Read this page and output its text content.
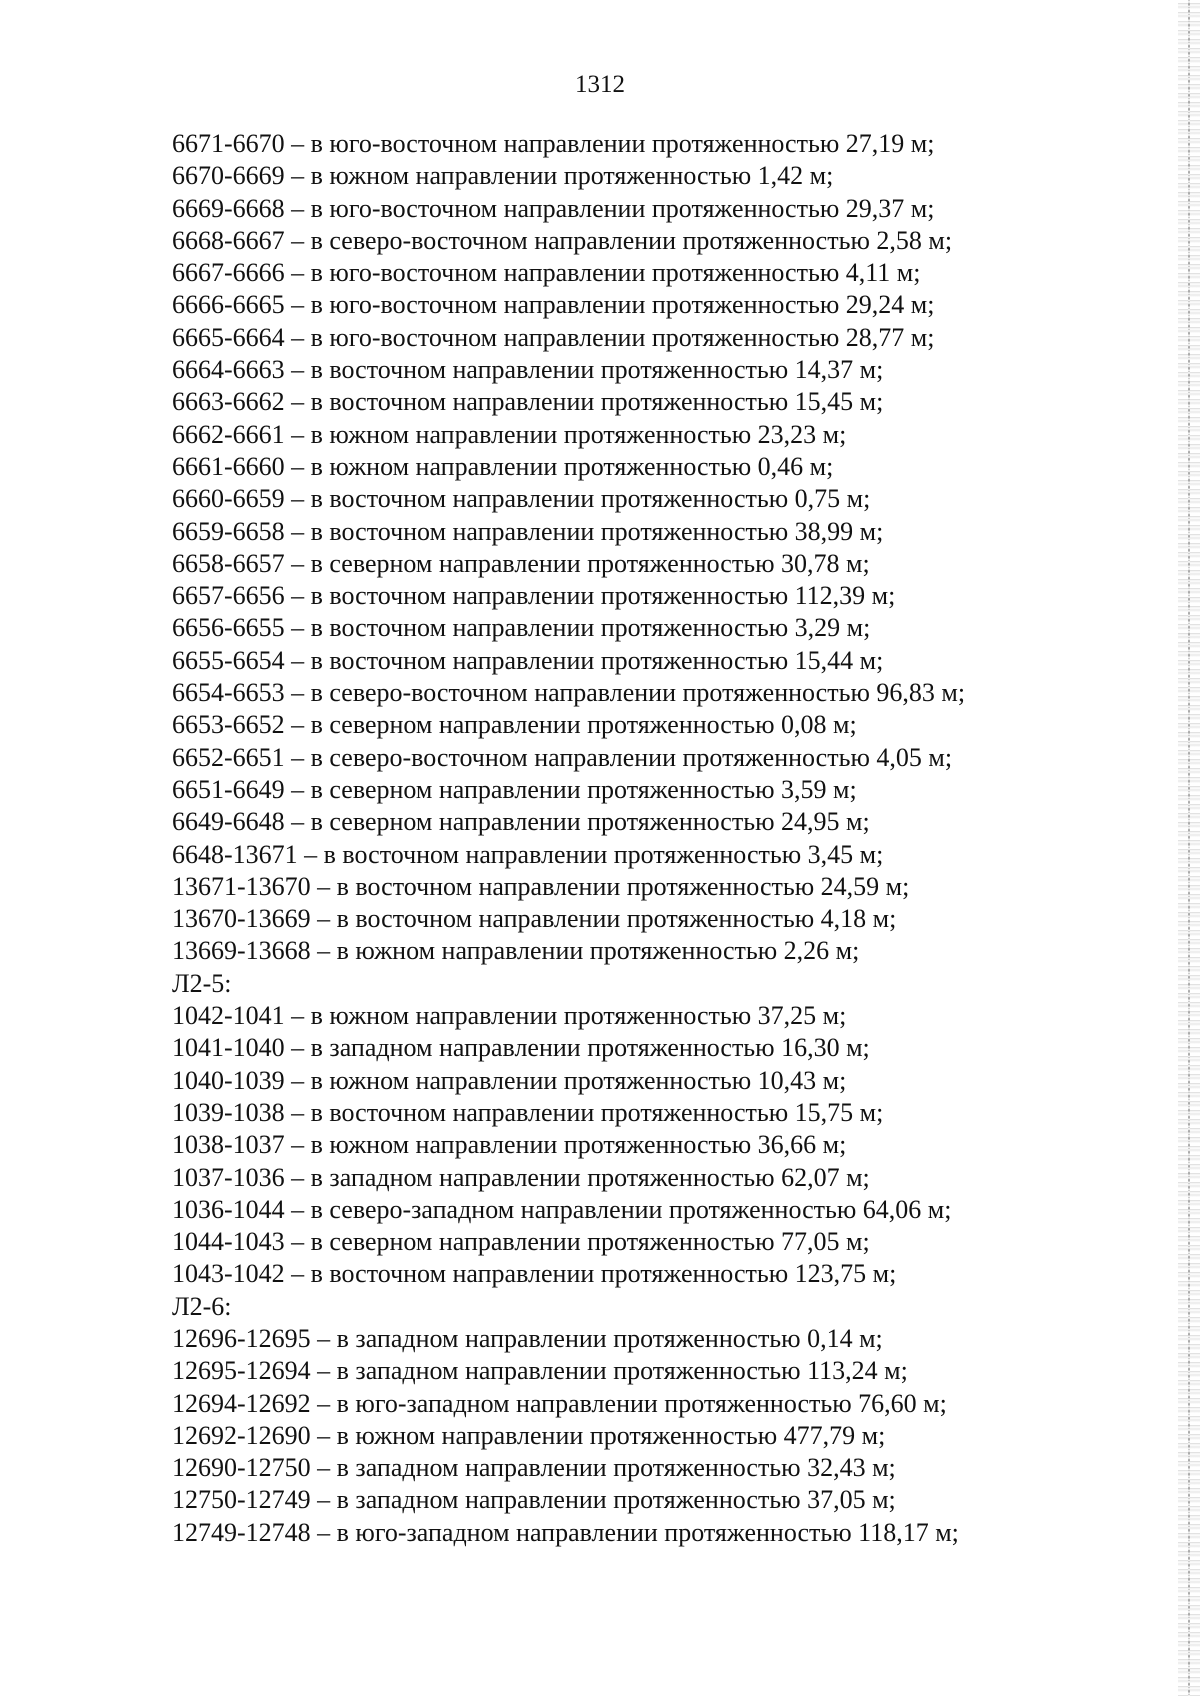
1312
6671-6670 – в юго-восточном направлении протяженностью 27,19 м;
6670-6669 – в южном направлении протяженностью 1,42 м;
6669-6668 – в юго-восточном направлении протяженностью 29,37 м;
6668-6667 – в северо-восточном направлении протяженностью 2,58 м;
6667-6666 – в юго-восточном направлении протяженностью 4,11 м;
6666-6665 – в юго-восточном направлении протяженностью 29,24 м;
6665-6664 – в юго-восточном направлении протяженностью 28,77 м;
6664-6663 – в восточном направлении протяженностью 14,37 м;
6663-6662 – в восточном направлении протяженностью 15,45 м;
6662-6661 – в южном направлении протяженностью 23,23 м;
6661-6660 – в южном направлении протяженностью 0,46 м;
6660-6659 – в восточном направлении протяженностью 0,75 м;
6659-6658 – в восточном направлении протяженностью 38,99 м;
6658-6657 – в северном направлении протяженностью 30,78 м;
6657-6656 – в восточном направлении протяженностью 112,39 м;
6656-6655 – в восточном направлении протяженностью 3,29 м;
6655-6654 – в восточном направлении протяженностью 15,44 м;
6654-6653 – в северо-восточном направлении протяженностью 96,83 м;
6653-6652 – в северном направлении протяженностью 0,08 м;
6652-6651 – в северо-восточном направлении протяженностью 4,05 м;
6651-6649 – в северном направлении протяженностью 3,59 м;
6649-6648 – в северном направлении протяженностью 24,95 м;
6648-13671 – в восточном направлении протяженностью 3,45 м;
13671-13670 – в восточном направлении протяженностью 24,59 м;
13670-13669 – в восточном направлении протяженностью 4,18 м;
13669-13668 – в южном направлении протяженностью 2,26 м;
Л2-5:
1042-1041 – в южном направлении протяженностью 37,25 м;
1041-1040 – в западном направлении протяженностью 16,30 м;
1040-1039 – в южном направлении протяженностью 10,43 м;
1039-1038 – в восточном направлении протяженностью 15,75 м;
1038-1037 – в южном направлении протяженностью 36,66 м;
1037-1036 – в западном направлении протяженностью 62,07 м;
1036-1044 – в северо-западном направлении протяженностью 64,06 м;
1044-1043 – в северном направлении протяженностью 77,05 м;
1043-1042 – в восточном направлении протяженностью 123,75 м;
Л2-6:
12696-12695 – в западном направлении протяженностью 0,14 м;
12695-12694 – в западном направлении протяженностью 113,24 м;
12694-12692 – в юго-западном направлении протяженностью 76,60 м;
12692-12690 – в южном направлении протяженностью 477,79 м;
12690-12750 – в западном направлении протяженностью 32,43 м;
12750-12749 – в западном направлении протяженностью 37,05 м;
12749-12748 – в юго-западном направлении протяженностью 118,17 м;
